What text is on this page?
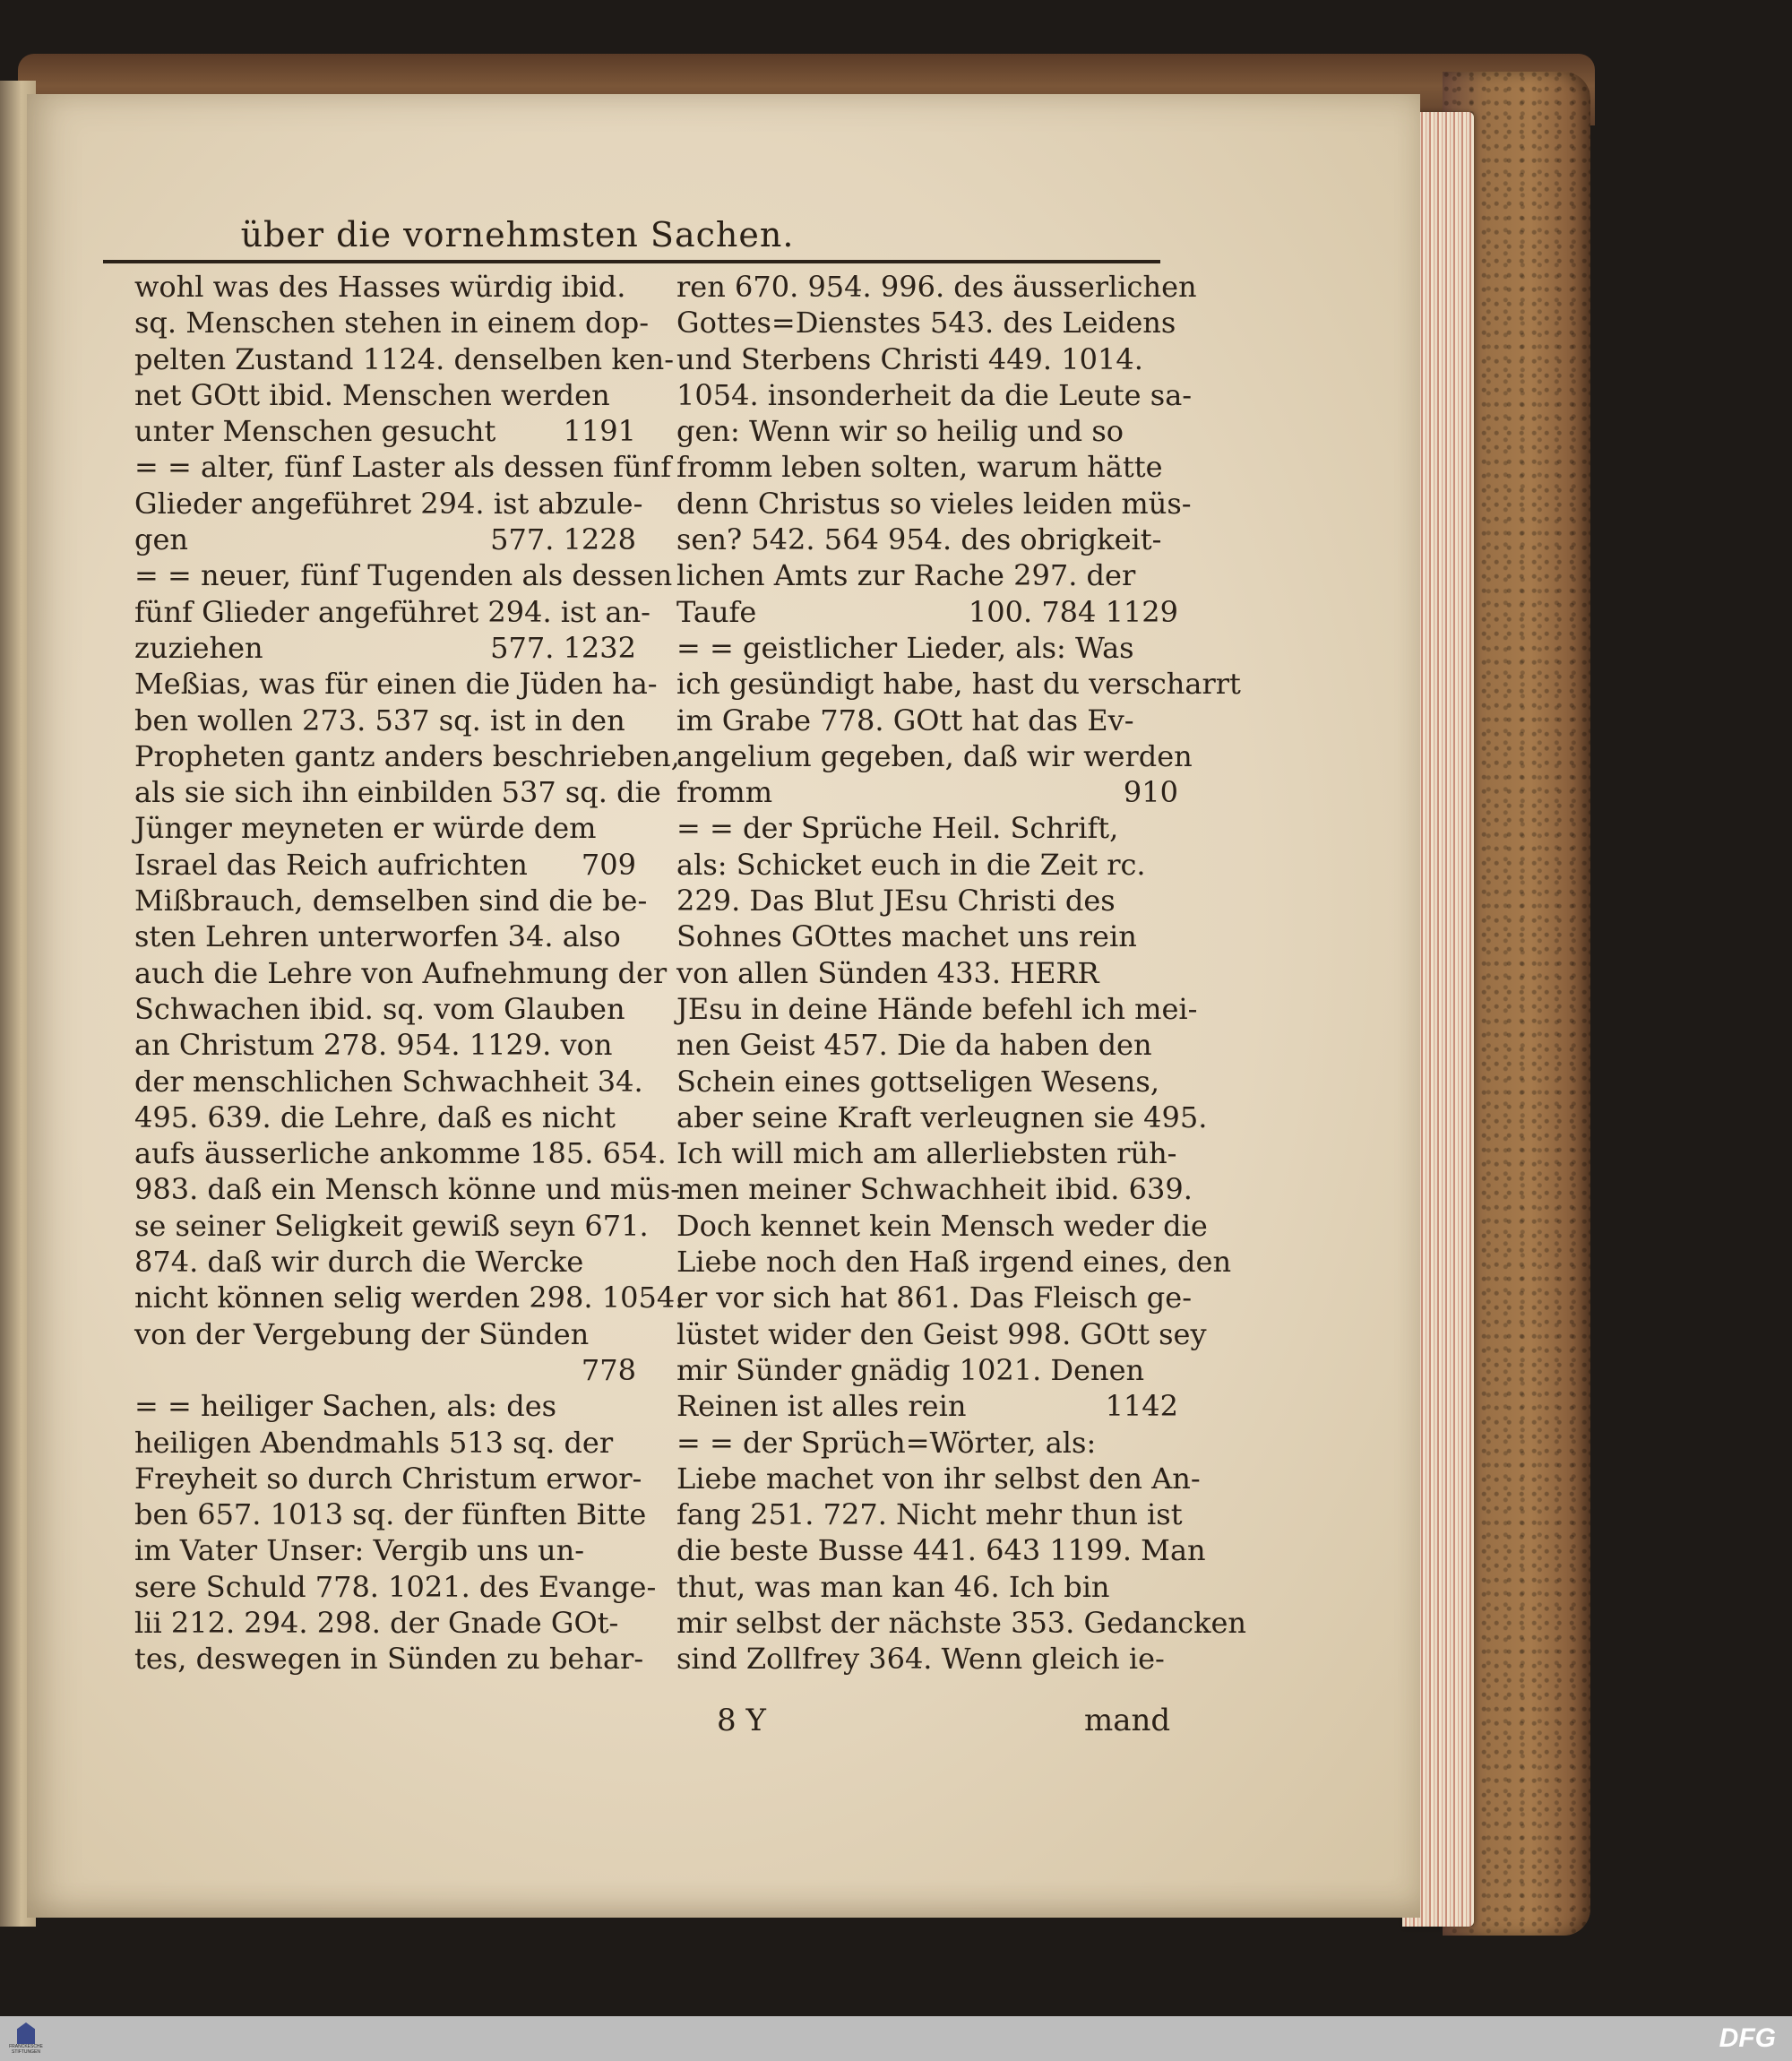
über die vornehmsten Sachen.
wohl was des Hasses würdig ibid.
sq. Menschen stehen in einem dop-
pelten Zustand 1124. denselben ken-
net GOtt ibid. Menschen werden
unter Menschen gesucht	1191
= = alter, fünf Laster als dessen fünf
Glieder angeführet 294. ist abzule-
gen	577. 1228
= = neuer, fünf Tugenden als dessen
fünf Glieder angeführet 294. ist an-
zuziehen	577. 1232
Meßias, was für einen die Jüden ha-
ben wollen 273. 537 sq. ist in den
Propheten gantz anders beschrieben,
als sie sich ihn einbilden 537 sq. die
Jünger meyneten er würde dem
Israel das Reich aufrichten	709
Mißbrauch, demselben sind die be-
sten Lehren unterworfen 34. also
auch die Lehre von Aufnehmung der
Schwachen ibid. sq. vom Glauben
an Christum 278. 954. 1129. von
der menschlichen Schwachheit 34.
495. 639. die Lehre, daß es nicht
aufs äusserliche ankomme 185. 654.
983. daß ein Mensch könne und müs-
se seiner Seligkeit gewiß seyn 671.
874. daß wir durch die Wercke
nicht können selig werden 298. 1054.
von der Vergebung der Sünden
778
= = heiliger Sachen, als: des
heiligen Abendmahls 513 sq. der
Freyheit so durch Christum erwor-
ben 657. 1013 sq. der fünften Bitte
im Vater Unser: Vergib uns un-
sere Schuld 778. 1021. des Evange-
lii 212. 294. 298. der Gnade GOt-
tes, deswegen in Sünden zu behar-
ren 670. 954. 996. des äusserlichen
Gottes=Dienstes 543. des Leidens
und Sterbens Christi 449. 1014.
1054. insonderheit da die Leute sa-
gen: Wenn wir so heilig und so
fromm leben solten, warum hätte
denn Christus so vieles leiden müs-
sen? 542. 564 954. des obrigkeit-
lichen Amts zur Rache 297. der
Taufe	100. 784 1129
= = geistlicher Lieder, als: Was
ich gesündigt habe, hast du verscharrt
im Grabe 778. GOtt hat das Ev-
angelium gegeben, daß wir werden
fromm	910
= = der Sprüche Heil. Schrift,
als: Schicket euch in die Zeit rc.
229. Das Blut JEsu Christi des
Sohnes GOttes machet uns rein
von allen Sünden 433. HERR
JEsu in deine Hände befehl ich mei-
nen Geist 457. Die da haben den
Schein eines gottseligen Wesens,
aber seine Kraft verleugnen sie 495.
Ich will mich am allerliebsten rüh-
men meiner Schwachheit ibid. 639.
Doch kennet kein Mensch weder die
Liebe noch den Haß irgend eines, den
er vor sich hat 861. Das Fleisch ge-
lüstet wider den Geist 998. GOtt sey
mir Sünder gnädig 1021. Denen
Reinen ist alles rein	1142
= = der Sprüch=Wörter, als:
Liebe machet von ihr selbst den An-
fang 251. 727. Nicht mehr thun ist
die beste Busse 441. 643 1199. Man
thut, was man kan 46. Ich bin
mir selbst der nächste 353. Gedancken
sind Zollfrey 364. Wenn gleich ie-
8 Y	mand
FRANCKESCHE STIFTUNGEN	DFG
